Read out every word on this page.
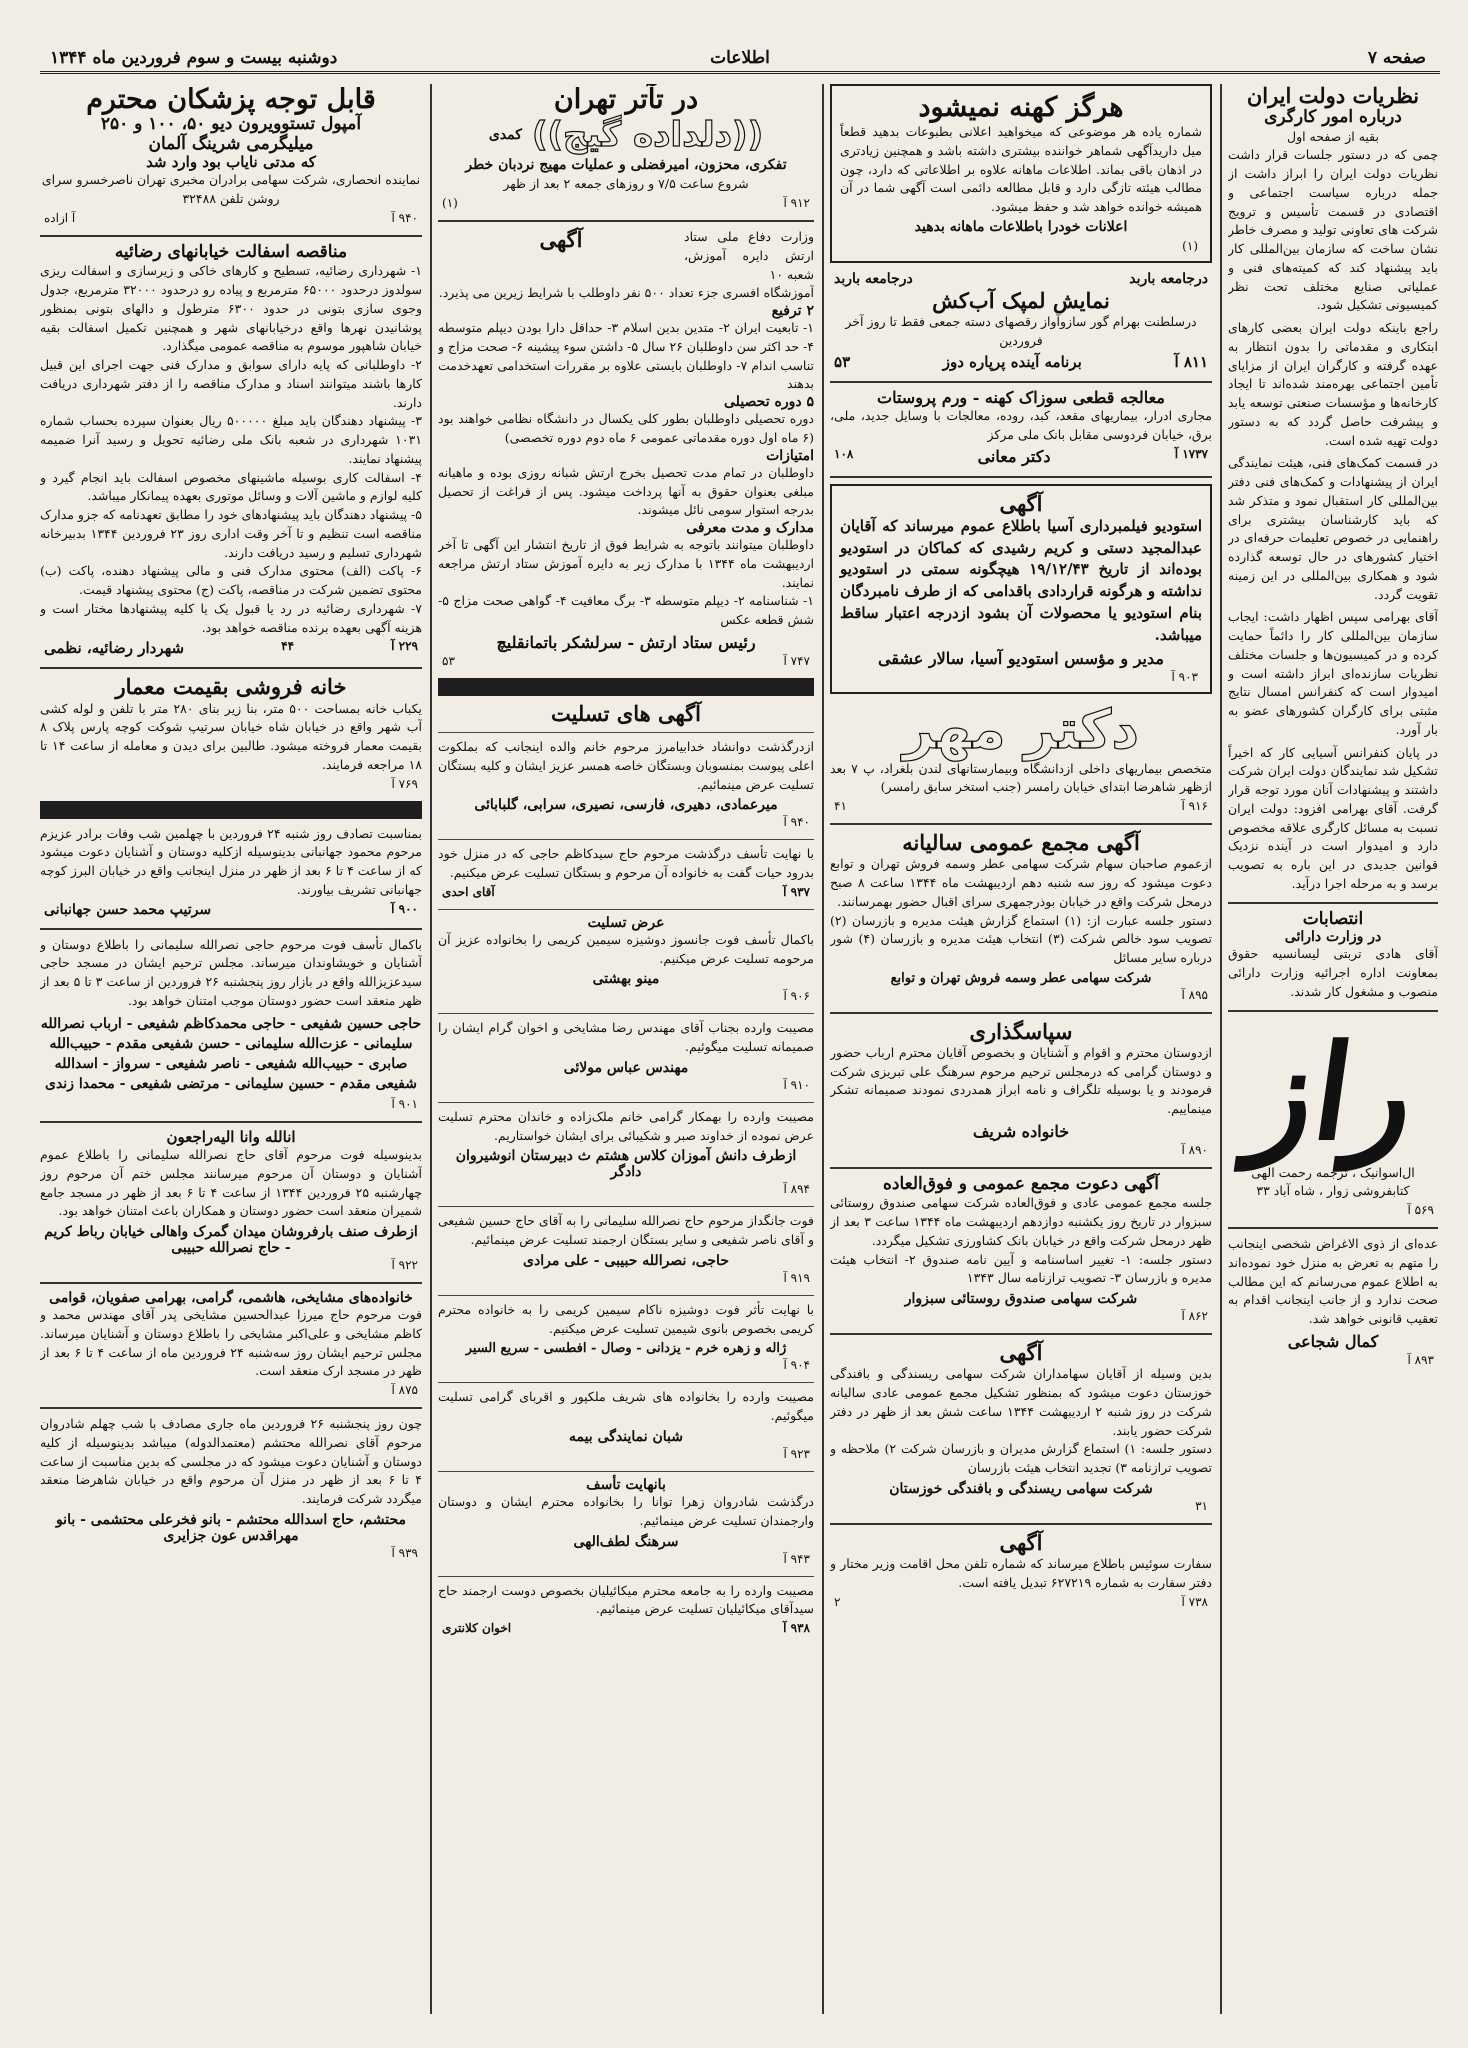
صفحه ۷
اطلاعات
دوشنبه بیست و سوم فروردین ماه ۱۳۴۴
نظریات دولت ایران
درباره امور کارگری
بقیه از صفحه اول
چمی که در دستور جلسات قرار داشت نظریات دولت ایران را ابراز داشت از جمله درباره سیاست اجتماعی و اقتصادی در قسمت تأسیس و ترویج شرکت های تعاونی تولید و مصرف خاطر نشان ساخت که سازمان بین‌المللی کار باید پیشنهاد کند که کمیته‌های فنی و عملیاتی صنایع مختلف تحت نظر کمیسیونی تشکیل شود.
راجع باینکه دولت ایران بعضی کارهای ابتکاری و مقدماتی را بدون انتظار به عهده گرفته و کارگران ایران از مزایای تأمین اجتماعی بهره‌مند شده‌اند تا ایجاد کارخانه‌ها و مؤسسات صنعتی توسعه یابد و پیشرفت حاصل گردد که به دستور دولت تهیه شده است.
در قسمت کمک‌های فنی، هیئت نمایندگی ایران از پیشنهادات و کمک‌های فنی دفتر بین‌المللی کار استقبال نمود و متذکر شد که باید کارشناسان بیشتری برای راهنمایی در خصوص تعلیمات حرفه‌ای در اختیار کشورهای در حال توسعه گذارده شود و همکاری بین‌المللی در این زمینه تقویت گردد.
آقای بهرامی سپس اظهار داشت: ایجاب سازمان بین‌المللی کار را دائماً حمایت کرده و در کمیسیون‌ها و جلسات مختلف نظریات سازنده‌ای ابراز داشته است و امیدوار است که کنفرانس امسال نتایج مثبتی برای کارگران کشورهای عضو به بار آورد.
در پایان کنفرانس آسیایی کار که اخیراً تشکیل شد نمایندگان دولت ایران شرکت داشتند و پیشنهادات آنان مورد توجه قرار گرفت. آقای بهرامی افزود: دولت ایران نسبت به مسائل کارگری علاقه مخصوص دارد و امیدوار است در آینده نزدیک قوانین جدیدی در این باره به تصویب برسد و به مرحله اجرا درآید.
انتصابات
در وزارت دارائی
آقای هادی تربتی لیسانسیه حقوق بمعاونت اداره اجرائیه وزارت دارائی منصوب و مشغول کار شدند.
راز
ال‌اسوانیک ، ترجمه رحمت الهی کتابفروشی زوار ، شاه آباد ۳۳
۵۶۹ آ
عده‌ای از ذوی الاغراض شخصی اینجانب را متهم به تعرض به منزل خود نموده‌اند به اطلاع عموم می‌رسانم که این مطالب صحت ندارد و از جانب اینجانب اقدام به تعقیب قانونی خواهد شد.
کمال شجاعی
۸۹۳ آ
هرگز کهنه نمیشود
شماره یاده هر موضوعی که میخواهید اعلانی بطبوعات بدهید قطعاً میل داریدآگهی شماهر خواننده بیشتری داشته باشد و همچنین زیادتری در اذهان باقی بماند. اطلاعات ماهانه علاوه بر اطلاعاتی که دارد، چون مطالب هیئته تازگی دارد و قابل مطالعه دائمی است آگهی شما در آن همیشه خوانده خواهد شد و حفظ میشود.
اعلانات خودرا باطلاعات ماهانه بدهید
(۱)
درجامعه باربد
درجامعه باربد
نمایش لمپک آب‌کش
درسلطنت بهرام گور سازوآواز رقصهای دسته جمعی فقط تا روز آخر فروردین
۸۱۱ آ
برنامه آینده پرپاره دوز
۵۳
معالجه قطعی سوزاک کهنه - ورم پروستات
مجاری ادرار، بیماریهای مقعد، کبد، روده، معالجات با وسایل جدید، ملی، برق، خیابان فردوسی مقابل بانک ملی مرکز
۱۷۳۷ آ
دکتر معانی
۱۰۸
آگهی
استودیو فیلمبرداری آسیا باطلاع عموم میرساند که آقایان عبدالمجید دستی و کریم رشیدی که کماکان در استودیو بوده‌اند از تاریخ ۱۹/۱۲/۴۳ هیچگونه سمتی در استودیو نداشته و هرگونه قراردادی باقدامی که از طرف نامبردگان بنام استودیو یا محصولات آن بشود ازدرجه اعتبار ساقط میباشد.
مدیر و مؤسس استودیو آسیا، سالار عشقی
۹۰۳ آ
دکتر مهر
متخصص بیماریهای داخلی ازدانشگاه وبیمارستانهای لندن بلغراد، پ ۷ بعد ازظهر شاهرضا ابتدای خیابان رامسر (جنب استخر سابق رامسر)
۹۱۶ آ
۴۱
آگهی مجمع عمومی سالیانه
ازعموم صاحبان سهام شرکت سهامی عطر وسمه فروش تهران و توابع دعوت میشود که روز سه شنبه دهم اردیبهشت ماه ۱۳۴۴ ساعت ۸ صبح درمحل شرکت واقع در خیابان بوذرجمهری سرای اقبال حضور بهمرسانند.
دستور جلسه عبارت از: (۱) استماع گزارش هیئت مدیره و بازرسان (۲) تصویب سود خالص شرکت (۳) انتخاب هیئت مدیره و بازرسان (۴) شور درباره سایر مسائل
شرکت سهامی عطر وسمه فروش تهران و توابع
۸۹۵ آ
سپاسگذاری
ازدوستان محترم و اقوام و آشنایان و بخصوص آقایان محترم ارباب حضور و دوستان گرامی که درمجلس ترحیم مرحوم سرهنگ علی تبریزی شرکت فرمودند و یا بوسیله تلگراف و نامه ابراز همدردی نمودند صمیمانه تشکر مینماییم.
خانواده شریف
۸۹۰ آ
آگهی دعوت مجمع عمومی و فوق‌العاده
جلسه مجمع عمومی عادی و فوق‌العاده شرکت سهامی صندوق روستائی سبزوار در تاریخ روز یکشنبه دوازدهم اردیبهشت ماه ۱۳۴۴ ساعت ۳ بعد از ظهر درمحل شرکت واقع در خیابان بانک کشاورزی تشکیل میگردد.
دستور جلسه: ۱- تغییر اساسنامه و آیین نامه صندوق ۲- انتخاب هیئت مدیره و بازرسان ۳- تصویب ترازنامه سال ۱۳۴۳
شرکت سهامی صندوق روستائی سبزوار
۸۶۲ آ
آگهی
بدین وسیله از آقایان سهامداران شرکت سهامی ریسندگی و بافندگی خوزستان دعوت میشود که بمنظور تشکیل مجمع عمومی عادی سالیانه شرکت در روز شنبه ۲ اردیبهشت ۱۳۴۴ ساعت شش بعد از ظهر در دفتر شرکت حضور یابند.
دستور جلسه: ۱) استماع گزارش مدیران و بازرسان شرکت ۲) ملاحظه و تصویب ترازنامه ۳) تجدید انتخاب هیئت بازرسان
شرکت سهامی ریسندگی و بافندگی خوزستان
۳۱
آگهی
سفارت سوئیس باطلاع میرساند که شماره تلفن محل اقامت وزیر مختار و دفتر سفارت به شماره ۶۲۷۲۱۹ تبدیل یافته است.
۷۳۸ آ
۲
در تآتر تهران
((دلداده گیج))
کمدی
تفکری، محزون، امیرفضلی و عملیات مهیج نردبان خطر
شروع ساعت ۷/۵ و روزهای جمعه ۲ بعد از ظهر
۹۱۲ آ
(۱)
وزارت دفاع ملی ستاد ارتش دایره آموزش، شعبه ۱۰
آگهی
آموزشگاه افسری جزء تعداد ۵۰۰ نفر داوطلب با شرایط زیرین می پذیرد.
۲ ترفیع
۱- تابعیت ایران ۲- متدین بدین اسلام ۳- حداقل دارا بودن دیپلم متوسطه ۴- حد اکثر سن داوطلبان ۲۶ سال ۵- داشتن سوء پیشینه ۶- صحت مزاج و تناسب اندام ۷- داوطلبان بایستی علاوه بر مقررات استخدامی تعهدخدمت بدهند
۵ دوره تحصیلی
دوره تحصیلی داوطلبان بطور کلی یکسال در دانشگاه نظامی خواهند بود (۶ ماه اول دوره مقدماتی عمومی ۶ ماه دوم دوره تخصصی)
امتیازات
داوطلبان در تمام مدت تحصیل بخرج ارتش شبانه روزی بوده و ماهیانه مبلغی بعنوان حقوق به آنها پرداخت میشود. پس از فراغت از تحصیل بدرجه استوار سومی نائل میشوند.
مدارک و مدت معرفی
داوطلبان میتوانند باتوجه به شرایط فوق از تاریخ انتشار این آگهی تا آخر اردیبهشت ماه ۱۳۴۴ با مدارک زیر به دایره آموزش ستاد ارتش مراجعه نمایند.
۱- شناسنامه ۲- دیپلم متوسطه ۳- برگ معافیت ۴- گواهی صحت مزاج ۵- شش قطعه عکس
رئیس ستاد ارتش - سرلشکر باتمانقلیچ
۷۴۷ آ
۵۳
آگهی های تسلیت
ازدرگذشت دوانشاد خدابیامرز مرحوم خانم والده اینجانب که بملکوت اعلی پیوست بمنسوبان وبستگان خاصه همسر عزیز ایشان و کلیه بستگان تسلیت عرض مینمائیم.
میرعمادی، دهیری، فارسی، نصیری، سرابی، گلبابائی
۹۴۰ آ
با نهایت تأسف درگذشت مرحوم حاج سیدکاظم حاجی که در منزل خود بدرود حیات گفت به خانواده آن مرحوم و بستگان تسلیت عرض میکنیم.
۹۳۷ آ
آقای احدی
عرض تسلیت
باکمال تأسف فوت جانسوز دوشیزه سیمین کریمی را بخانواده عزیز آن مرحومه تسلیت عرض میکنیم.
مینو بهشتی
۹۰۶ آ
مصیبت وارده بجناب آقای مهندس رضا مشایخی و اخوان گرام ایشان را صمیمانه تسلیت میگوئیم.
مهندس عباس مولائی
۹۱۰ آ
مصیبت وارده را بهمکار گرامی خانم ملک‌زاده و خاندان محترم تسلیت عرض نموده از خداوند صبر و شکیبائی برای ایشان خواستاریم.
ازطرف دانش آموزان کلاس هشتم ث دبیرستان انوشیروان دادگر
۸۹۴ آ
فوت جانگداز مرحوم حاج نصرالله سلیمانی را به آقای حاج حسین شفیعی و آقای ناصر شفیعی و سایر بستگان ارجمند تسلیت عرض مینمائیم.
حاجی، نصرالله حبیبی - علی مرادی
۹۱۹ آ
با نهایت تأثر فوت دوشیزه ناکام سیمین کریمی را به خانواده محترم کریمی بخصوص بانوی شیمین تسلیت عرض میکنیم.
ژاله و زهره خرم - یزدانی - وصال - افطسی - سریع السیر
۹۰۴ آ
مصیبت وارده را بخانواده های شریف ملکپور و اقربای گرامی تسلیت میگوئیم.
شبان نمایندگی بیمه
۹۲۳ آ
بانهایت تأسف
درگذشت شادروان زهرا توانا را بخانواده محترم ایشان و دوستان وارجمندان تسلیت عرض مینمائیم.
سرهنگ لطف‌الهی
۹۴۳ آ
مصیبت وارده را به جامعه محترم میکائیلیان بخصوص دوست ارجمند حاج سیدآقای میکائیلیان تسلیت عرض مینمائیم.
۹۳۸ آ
اخوان کلانتری
قابل توجه پزشکان محترم
آمپول تستوویرون دیو ۵۰، ۱۰۰ و ۲۵۰
میلیگرمی شرینگ آلمان
که مدتی نایاب بود وارد شد
نماینده انحصاری، شرکت سهامی برادران مخبری تهران ناصرخسرو سرای روشن تلفن ۳۲۴۸۸
۹۴۰ آ
آ ازاده
مناقصه اسفالت خیابانهای رضائیه
۱- شهرداری رضائیه، تسطیح و کارهای خاکی و زیرسازی و اسفالت ریزی سولدوز درحدود ۶۵۰۰۰ مترمربع و پیاده رو درحدود ۳۲۰۰۰ مترمربع، جدول وجوی سازی بتونی در حدود ۶۳۰۰ مترطول و دالهای بتونی بمنظور پوشانیدن نهرها واقع درخیابانهای شهر و همچنین تکمیل اسفالت بقیه خیابان شاهپور موسوم به مناقصه عمومی میگذارد.
۲- داوطلبانی که پایه دارای سوابق و مدارک فنی جهت اجرای این قبیل کارها باشند میتوانند اسناد و مدارک مناقصه را از دفتر شهرداری دریافت دارند.
۳- پیشنهاد دهندگان باید مبلغ ۵۰۰۰۰۰ ریال بعنوان سپرده بحساب شماره ۱۰۳۱ شهرداری در شعبه بانک ملی رضائیه تحویل و رسید آنرا ضمیمه پیشنهاد نمایند.
۴- اسفالت کاری بوسیله ماشینهای مخصوص اسفالت باید انجام گیرد و کلیه لوازم و ماشین آلات و وسائل موتوری بعهده پیمانکار میباشد.
۵- پیشنهاد دهندگان باید پیشنهادهای خود را مطابق تعهدنامه که جزو مدارک مناقصه است تنظیم و تا آخر وقت اداری روز ۲۳ فروردین ۱۳۴۴ بدبیرخانه شهرداری تسلیم و رسید دریافت دارند.
۶- پاکت (الف) محتوی مدارک فنی و مالی پیشنهاد دهنده، پاکت (ب) محتوی تضمین شرکت در مناقصه، پاکت (ج) محتوی پیشنهاد قیمت.
۷- شهرداری رضائیه در رد یا قبول یک یا کلیه پیشنهادها مختار است و هزینه آگهی بعهده برنده مناقصه خواهد بود.
۲۲۹ آ
۴۴
شهردار رضائیه، نظمی
خانه فروشی بقیمت معمار
یکباب خانه بمساحت ۵۰۰ متر، بنا زیر بنای ۲۸۰ متر با تلفن و لوله کشی آب شهر واقع در خیابان شاه خیابان سرتیپ شوکت کوچه پارس پلاک ۸ بقیمت معمار فروخته میشود. طالبین برای دیدن و معامله از ساعت ۱۴ تا ۱۸ مراجعه فرمایند.
۷۶۹ آ
بمناسبت تصادف روز شنبه ۲۴ فروردین با چهلمین شب وفات برادر عزیزم مرحوم محمود جهانبانی بدینوسیله ازکلیه دوستان و آشنایان دعوت میشود که از ساعت ۴ تا ۶ بعد از ظهر در منزل اینجانب واقع در خیابان البرز کوچه جهانبانی تشریف بیاورند.
۹۰۰ آ
سرتیپ محمد حسن جهانبانی
باکمال تأسف فوت مرحوم حاجی نصرالله سلیمانی را باطلاع دوستان و آشنایان و خویشاوندان میرساند. مجلس ترحیم ایشان در مسجد حاجی سیدعزیزالله واقع در بازار روز پنجشنبه ۲۶ فروردین از ساعت ۳ تا ۵ بعد از ظهر منعقد است حضور دوستان موجب امتنان خواهد بود.
حاجی حسین شفیعی - حاجی محمدکاظم شفیعی - ارباب نصرالله سلیمانی - عزت‌الله سلیمانی - حسن شفیعی مقدم - حبیب‌الله صابری - حبیب‌الله شفیعی - ناصر شفیعی - سرواز - اسدالله شفیعی مقدم - حسین سلیمانی - مرتضی شفیعی - محمدا زندی
۹۰۱ آ
انالله وانا الیه‌راجعون
بدینوسیله فوت مرحوم آقای حاج نصرالله سلیمانی را باطلاع عموم آشنایان و دوستان آن مرحوم میرسانند مجلس ختم آن مرحوم روز چهارشنبه ۲۵ فروردین ۱۳۴۴ از ساعت ۴ تا ۶ بعد از ظهر در مسجد جامع شمیران منعقد است حضور دوستان و همکاران باعث امتنان خواهد بود.
ازطرف صنف بارفروشان میدان گمرک واهالی خیابان رباط کریم - حاج نصرالله حبیبی
۹۲۲ آ
خانواده‌های مشایخی، هاشمی، گرامی، بهرامی صفویان، قوامی
فوت مرحوم حاج میرزا عبدالحسین مشایخی پدر آقای مهندس محمد و کاظم مشایخی و علی‌اکبر مشایخی را باطلاع دوستان و آشنایان میرساند. مجلس ترحیم ایشان روز سه‌شنبه ۲۴ فروردین ماه از ساعت ۴ تا ۶ بعد از ظهر در مسجد ارک منعقد است.
۸۷۵ آ
چون روز پنجشنبه ۲۶ فروردین ماه جاری مصادف با شب چهلم شادروان مرحوم آقای نصرالله محتشم (معتمدالدوله) میباشد بدینوسیله از کلیه دوستان و آشنایان دعوت میشود که در مجلسی که بدین مناسبت از ساعت ۴ تا ۶ بعد از ظهر در منزل آن مرحوم واقع در خیابان شاهرضا منعقد میگردد شرکت فرمایند.
محتشم، حاج اسدالله محتشم - بانو فخرعلی محتشمی - بانو مهراقدس عون جزایری
۹۳۹ آ
